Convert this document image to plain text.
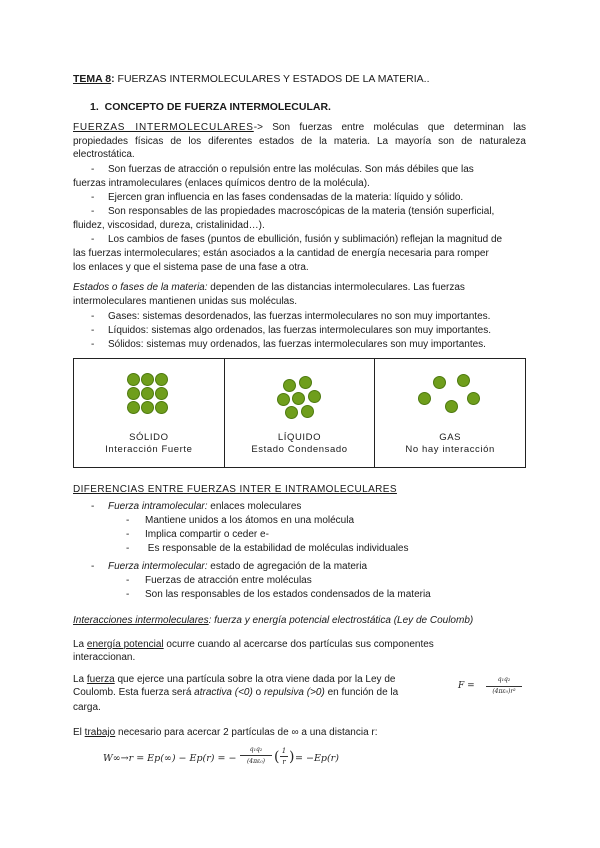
TEMA 8: FUERZAS INTERMOLECULARES Y ESTADOS DE LA MATERIA..
1. CONCEPTO DE FUERZA INTERMOLECULAR.
FUERZAS INTERMOLECULARES-> Son fuerzas entre moléculas que determinan las propiedades físicas de los diferentes estados de la materia. La mayoría son de naturaleza electrostática.
- Son fuerzas de atracción o repulsión entre las moléculas. Son más débiles que las
fuerzas intramoleculares (enlaces químicos dentro de la molécula).
- Ejercen gran influencia en las fases condensadas de la materia: líquido y sólido.
- Son responsables de las propiedades macroscópicas de la materia (tensión superficial,
fluidez, viscosidad, dureza, cristalinidad…).
- Los cambios de fases (puntos de ebullición, fusión y sublimación) reflejan la magnitud de
las fuerzas intermoleculares; están asociados a la cantidad de energía necesaria para romper
los enlaces y que el sistema pase de una fase a otra.
Estados o fases de la materia: dependen de las distancias intermoleculares. Las fuerzas
intermoleculares mantienen unidas sus moléculas.
- Gases: sistemas desordenados, las fuerzas intermoleculares no son muy importantes.
- Líquidos: sistemas algo ordenados, las fuerzas intermoleculares son muy importantes.
- Sólidos: sistemas muy ordenados, las fuerzas intermoleculares son muy importantes.
SÓLIDO
Interacción Fuerte

LÍQUIDO
Estado Condensado

GAS
No hay interacción
DIFERENCIAS ENTRE FUERZAS INTER E INTRAMOLECULARES
- Fuerza intramolecular: enlaces moleculares
- Mantiene unidos a los átomos en una molécula
- Implica compartir o ceder e-
- Es responsable de la estabilidad de moléculas individuales
- Fuerza intermolecular: estado de agregación de la materia
- Fuerzas de atracción entre moléculas
- Son las responsables de los estados condensados de la materia
Interacciones intermoleculares: fuerza y energía potencial electrostática (Ley de Coulomb)
La energía potencial ocurre cuando al acercarse dos partículas sus componentes
interaccionan.
La fuerza que ejerce una partícula sobre la otra viene dada por la Ley de
Coulomb. Esta fuerza será atractiva (<0) o repulsiva (>0) en función de la
carga.
F =
q₁q₂
(4πε₀)r²
El trabajo necesario para acercar 2 partículas de ∞ a una distancia r:
W∞→r = Ep(∞) − Ep(r) = −
q₁q₂
(4πε₀) ( 1
r ) = −Ep(r)
